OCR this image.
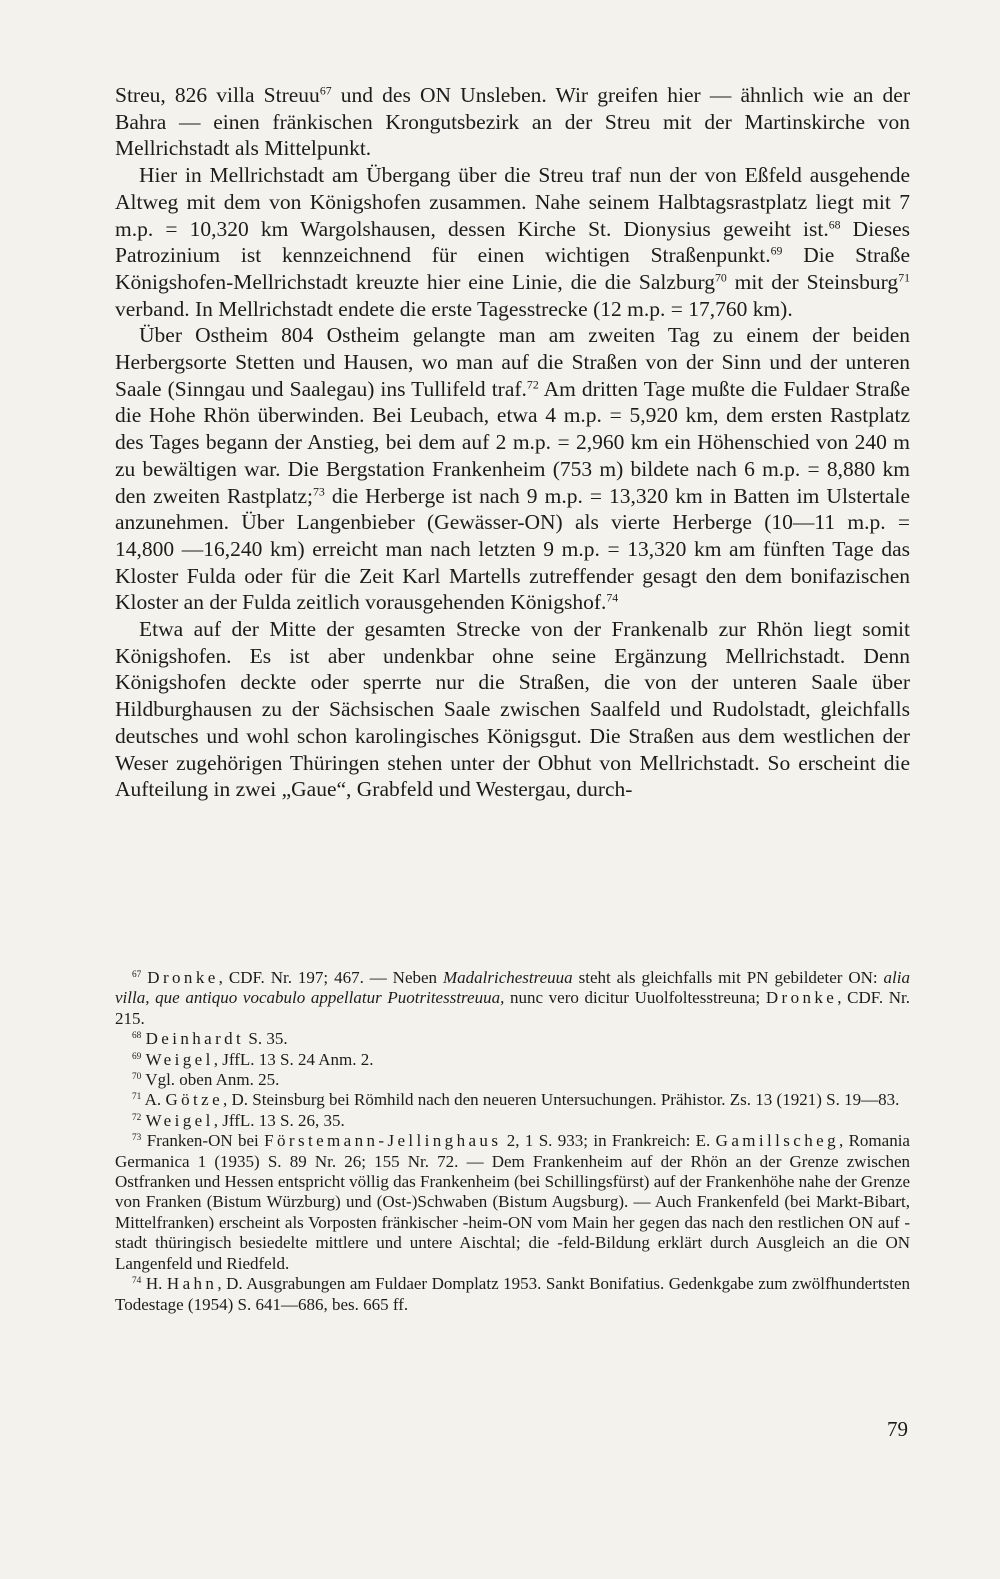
Streu, 826 villa Streuu$^{67}$ und des ON Unsleben. Wir greifen hier — ähnlich wie an der Bahra — einen fränkischen Krongutsbezirk an der Streu mit der Martinskirche von Mellrichstadt als Mittelpunkt.

Hier in Mellrichstadt am Übergang über die Streu traf nun der von Eßfeld ausgehende Altweg mit dem von Königshofen zusammen. Nahe seinem Halbtagsrastplatz liegt mit 7 m.p. = 10,320 km Wargolshausen, dessen Kirche St. Dionysius geweiht ist.$^{68}$ Dieses Patrozinium ist kennzeichnend für einen wichtigen Straßenpunkt.$^{69}$ Die Straße Königshofen-Mellrichstadt kreuzte hier eine Linie, die die Salzburg$^{70}$ mit der Steinsburg$^{71}$ verband. In Mellrichstadt endete die erste Tagesstrecke (12 m.p. = 17,760 km).

Über Ostheim 804 Ostheim gelangte man am zweiten Tag zu einem der beiden Herbergsorte Stetten und Hausen, wo man auf die Straßen von der Sinn und der unteren Saale (Sinngau und Saalegau) ins Tullifeld traf.$^{72}$ Am dritten Tage mußte die Fuldaer Straße die Hohe Rhön überwinden. Bei Leubach, etwa 4 m.p. = 5,920 km, dem ersten Rastplatz des Tages begann der Anstieg, bei dem auf 2 m.p. = 2,960 km ein Höhenschied von 240 m zu bewältigen war. Die Bergstation Frankenheim (753 m) bildete nach 6 m.p. = 8,880 km den zweiten Rastplatz;$^{73}$ die Herberge ist nach 9 m.p. = 13,320 km in Batten im Ulstertale anzunehmen. Über Langenbieber (Gewässer-ON) als vierte Herberge (10—11 m.p. = 14,800 —16,240 km) erreicht man nach letzten 9 m.p. = 13,320 km am fünften Tage das Kloster Fulda oder für die Zeit Karl Martells zutreffender gesagt den dem bonifazischen Kloster an der Fulda zeitlich vorausgehenden Königshof.$^{74}$

Etwa auf der Mitte der gesamten Strecke von der Frankenalb zur Rhön liegt somit Königshofen. Es ist aber undenkbar ohne seine Ergänzung Mellrichstadt. Denn Königshofen deckte oder sperrte nur die Straßen, die von der unteren Saale über Hildburghausen zu der Sächsischen Saale zwischen Saalfeld und Rudolstadt, gleichfalls deutsches und wohl schon karolingisches Königsgut. Die Straßen aus dem westlichen der Weser zugehörigen Thüringen stehen unter der Obhut von Mellrichstadt. So erscheint die Aufteilung in zwei „Gaue“, Grabfeld und Westergau, durch-

$^{67}$ Dronke, CDF. Nr. 197; 467. — Neben Madalrichestreuua steht als gleichfalls mit PN gebildeter ON: alia villa, que antiquo vocabulo appellatur Puotritesstreuua, nunc vero dicitur Uuolfoltesstreuna; Dronke, CDF. Nr. 215.

$^{68}$ Deinhardt S. 35.

$^{69}$ Weigel, JffL. 13 S. 24 Anm. 2.

$^{70}$ Vgl. oben Anm. 25.

$^{71}$ A. Götze, D. Steinsburg bei Römhild nach den neueren Untersuchungen. Prähistor. Zs. 13 (1921) S. 19—83.

$^{72}$ Weigel, JffL. 13 S. 26, 35.

$^{73}$ Franken-ON bei Förstemann-Jellinghaus 2, 1 S. 933; in Frankreich: E. Gamillscheg, Romania Germanica 1 (1935) S. 89 Nr. 26; 155 Nr. 72. — Dem Frankenheim auf der Rhön an der Grenze zwischen Ostfranken und Hessen entspricht völlig das Frankenheim (bei Schillingsfürst) auf der Frankenhöhe nahe der Grenze von Franken (Bistum Würzburg) und (Ost-)Schwaben (Bistum Augsburg). — Auch Frankenfeld (bei Markt-Bibart, Mittelfranken) erscheint als Vorposten fränkischer -heim-ON vom Main her gegen das nach den restlichen ON auf -stadt thüringisch besiedelte mittlere und untere Aischtal; die -feld-Bildung erklärt durch Ausgleich an die ON Langenfeld und Riedfeld.

$^{74}$ H. Hahn, D. Ausgrabungen am Fuldaer Domplatz 1953. Sankt Bonifatius. Gedenkgabe zum zwölfhundertsten Todestage (1954) S. 641—686, bes. 665 ff.

79
